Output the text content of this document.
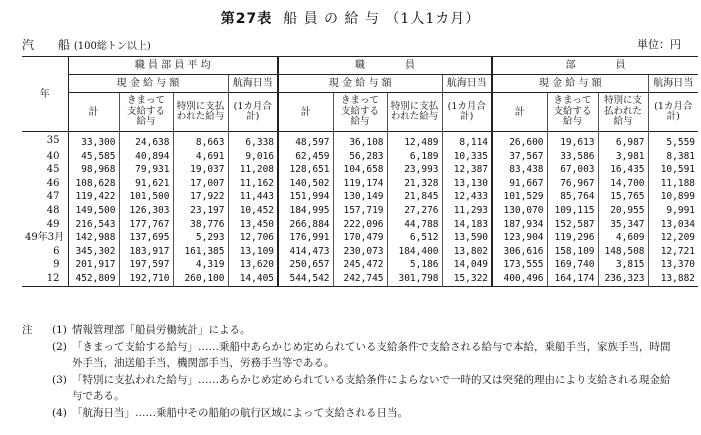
第27表 船 員 の 給 与 （1人1カ月）
汽　　船 (100総トン以上)	単位：円
年	職 員 部 員 平 均				職　　　　員				部　　　　員			
	現 金 給 与 額			航海日当	現 金 給 与 額			航海日当	現 金 給 与 額			航海日当
	計	きまって支給する給与	特別に支払われた給与	(1カ月合 計)	計	きまって支給する給与	特別に支払われた給与	(1カ月合 計)	計	きまって支給する給与	特別に支払われた給与	(1カ月合 計)
35	33,300	24,638	8,663	6,338	48,597	36,108	12,489	8,114	26,600	19,613	6,987	5,559
40	45,585	40,894	4,691	9,016	62,459	56,283	6,189	10,335	37,567	33,586	3,981	8,381
45	98,968	79,931	19,037	11,208	128,651	104,658	23,993	12,387	83,438	67,003	16,435	10,591
46	108,628	91,621	17,007	11,162	140,502	119,174	21,328	13,130	91,667	76,967	14,700	11,188
47	119,422	101,500	17,922	11,443	151,994	130,149	21,845	12,433	101,529	85,764	15,765	10,899
48	149,500	126,303	23,197	10,452	184,995	157,719	27,276	11,293	130,070	109,115	20,955	9,991
49	216,543	177,767	38,776	13,450	266,884	222,096	44,788	14,183	187,934	152,587	35,347	13,034
49年3月	142,988	137,695	5,293	12,706	176,991	170,479	6,512	13,590	123,904	119,296	4,609	12,209
6	345,302	183,917	161,385	13,109	414,473	230,073	184,400	13,802	306,616	158,109	148,508	12,721
9	201,917	197,597	4,319	13,620	250,657	245,472	5,186	14,049	173,555	169,740	3,815	13,370
12	452,809	192,710	260,100	14,405	544,542	242,745	301,798	15,322	400,496	164,174	236,323	13,882
注	(1) 情報管理部「船員労働統計」による。
(2) 「きまって支給する給与」……乗船中あらかじめ定められている支給条件で支給される給与で本給，乗船手当，家族手当，時間
外手当，油送船手当，機関部手当，労務手当等である。
(3) 「特別に支払われた給与」……あらかじめ定められている支給条件によらないで一時的又は突発的理由により支給される現金給
与である。
(4) 「航海日当」……乗船中その船舶の航行区域によって支給される日当。
